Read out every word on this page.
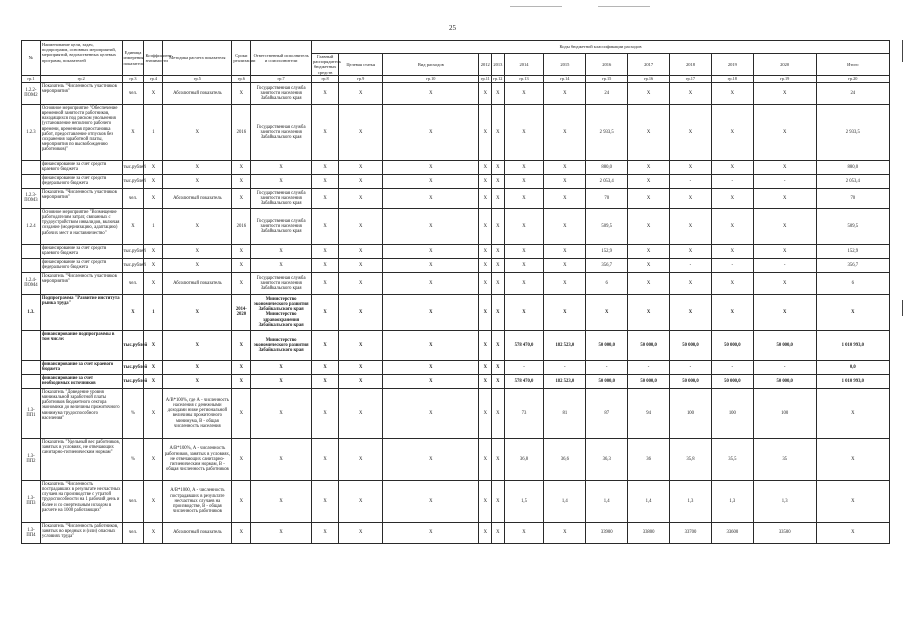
25
№	Наименование цели, задач, подпрограмм, основных мероприятий, мероприятий, ведомственных целевых программ, показателей	Единица измерения показателя	Коэффициент значимости	Методика расчета показателя	Сроки реализации	Ответственный исполнитель и соисполнители	Коды бюджетной классификации расходов												
							Главный распорядитель бюджетных средств	Целевая статья	Вид расходов	2012	2013	2014	2015	2016	2017	2018	2019	2020	Итого
гр.1	гр.2	гр.3	гр.4	гр.5	гр.6	гр.7	гр.8	гр.9	гр.10	гр.11	гр.12	гр.13	гр.14	гр.15	гр.16	гр.17	гр.18	гр.19	гр.20
1.2.2-ПОМ2	Показатель "Численность участников мероприятия"	чел.	X	Абсолютный показатель	X	Государственная служба занятости населения Забайкальского края	X	X	X	X	X	X	X	24	X	X	X	X	24
1.2.3	Основное мероприятие "Обеспечение временной занятости работников, находящихся под риском увольнения (установление неполного рабочего времени, временная приостановка работ, предоставление отпусков без сохранения заработной платы, мероприятия по высвобождению работников)"	X	1	X	2016	Государственная служба занятости населения Забайкальского края	X	X	X	X	X	X	X	2 933,5	X	X	X	X	2 933,5
	финансирование за счет средств краевого бюджета	тыс.рублей	X	X	X	X	X	X	X	X	X	X	X	880,0	X	X	X	X	880,0
	финансирование за счет средств федерального бюджета	тыс.рублей	X	X	X	X	X	X	X	X	X	X	X	2 053,4	X	-	-	-	2 053,4
1.2.3-ПОМ3	Показатель "Численность участников мероприятия"	чел.	X	Абсолютный показатель	X	Государственная служба занятости населения Забайкальского края	X	X	X	X	X	X	X	70	X	X	X	X	70
1.2.4	Основное мероприятие "Возмещение работодателям затрат, связанных с трудоустройством инвалидов, включая создание (модернизацию, адаптацию) рабочих мест и наставничество"	X	1	X	2016	Государственная служба занятости населения Забайкальского края	X	X	X	X	X	X	X	509,5	X	X	X	X	509,5
	финансирование за счет средств краевого бюджета	тыс.рублей	X	X	X	X	X	X	X	X	X	X	X	152,9	X	X	X	X	152,9
	финансирование за счет средств федерального бюджета	тыс.рублей	X	X	X	X	X	X	X	X	X	X	X	356,7	X	-	-	-	356,7
1.2.4-ПОМ4	Показатель "Численность участников мероприятия"	чел.	X	Абсолютный показатель	X	Государственная служба занятости населения Забайкальского края	X	X	X	X	X	X	X	6	X	X	X	X	6
1.3.	Подпрограмма "Развитие института рынка труда"	X	1	X	2014-2020	Министерство экономического развития Забайкальского края Министерство здравоохранения Забайкальского края	X	X	X	X	X	X	X	X	X	X	X	X	X
	финансирование подпрограммы в том числе:	тыс.рублей	X	X	X	Министерство экономического развития Забайкальского края	X	X	X	X	X	578 470,0	182 523,0	50 000,0	50 000,0	50 000,0	50 000,0	50 000,0	1 010 993,0
	финансирование за счет краевого бюджета	тыс.рублей	X	X	X	X	X	X	X	X	X	-	-	-	-	-	-	-	0,0
	финансирование за счет необходимых источников	тыс.рублей	X	X	X	X	X	X	X	X	X	578 470,0	182 523,0	50 000,0	50 000,0	50 000,0	50 000,0	50 000,0	1 010 993,0
1.3-ПП1	Показатель "Доведение уровня минимальной заработной платы работников бюджетного сектора экономики до величины прожиточного минимума трудоспособного населения"	%	X	А/В*100%, где А - численность населения с денежными доходами ниже региональной величины прожиточного минимума, В - общая численность населения	X	X	X	X	X	X	X	73	81	87	94	100	100	100	X
1.3-ПП2	Показатель "Удельный вес работников, занятых в условиях, не отвечающих санитарно-гигиеническим нормам"	%	X	А/В*100%, А - численность работников, занятых в условиях, не отвечающих санитарно-гигиеническим нормам, В - общая численность работников	X	X	X	X	X	X	X	36,8	36,6	36,3	36	35,8	35,5	35	X
1.3-ПП3	Показатель "Численность пострадавших в результате несчастных случаев на производстве с утратой трудоспособности на 1 рабочий день и более и со смертельным исходом в расчете на 1000 работающих"	чел.	X	А/В*1000, А - численность пострадавших в результате несчастных случаев на производстве, В - общая численность работников	X	X	X	X	X	X	X	1,5	1,4	1,4	1,4	1,3	1,3	1,3	X
1.3-ПП4	Показатель "Численность работников, занятых во вредных и (или) опасных условиях труда"	чел.	X	Абсолютный показатель	X	X	X	X	X	X	X	X	X	33900	33800	33700	33600	33500	X
